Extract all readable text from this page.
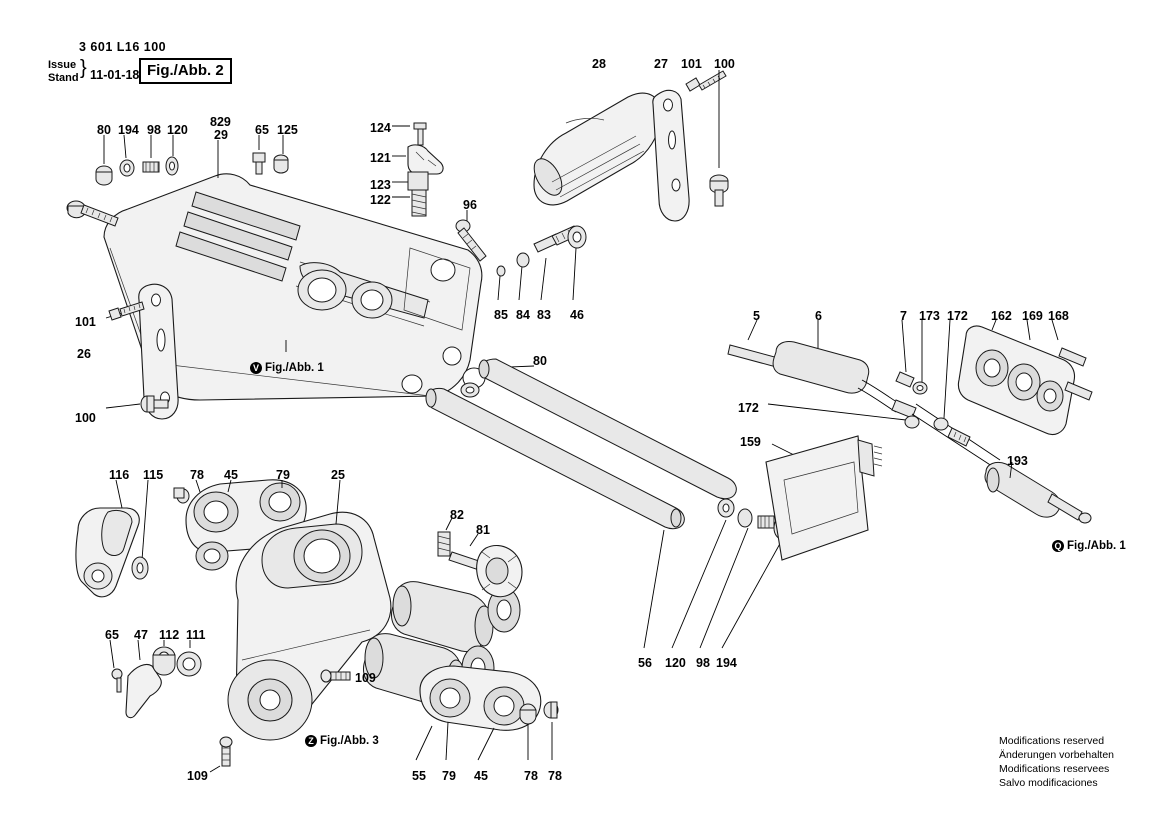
3 601 L16 100
Issue
Stand } 11-01-18 Fig./Abb. 2
Modifications reserved
Änderungen vorbehalten
Modifications reservees
Salvo modificaciones
28	27 101 100
124
121
123
122
80 194 98 120
829
29 65 125
96
85 84 83 46
101
26
100
80
5	6	7 173 172 162 169 168
172
159
193
116 115 78 45	79	25
82
81
65 47 112 111
109
109
56 120 98 194
55 79 45	78 78
V Fig./Abb. 1
Q Fig./Abb. 1
Z Fig./Abb. 3
